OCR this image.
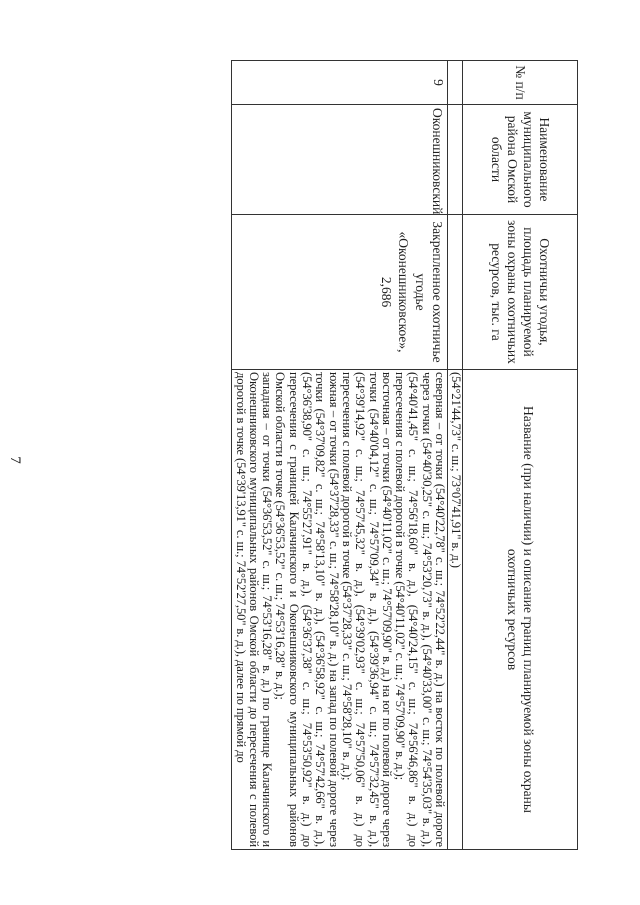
7
№ п/п	Наименование муниципального района Омской области	Охотничьи угодья, площадь планируемой зоны охраны охотничьих ресурсов, тыс. га	Название (при наличии) и описание границ планируемой зоны охраны охотничьих ресурсов
			(54°21'44,73" с. ш.; 73°07'41,91" в. д.)
9	Оконешниковский	Закрепленное охотничье угодье «Оконешниковское», 2,686	северная – от точки (54°40'22,78" с. ш.; 74°52'22,44" в. д.) на восток по полевой дороге через точки (54°40'30,25" с. ш.; 74°53'20,73" в. д.), (54°40'33,00" с. ш.; 74°54'35,03" в. д.), (54°40'41,45" с. ш.; 74°56'18,60" в. д.), (54°40'24,15" с. ш.; 74°56'46,86" в. д.) до пересечения с полевой дорогой в точке (54°40'11,02" с. ш.; 74°57'09,90" в. д.);

восточная – от точки (54°40'11,02" с. ш.; 74°57'09,90" в. д.) на юг по полевой дороге через точки (54°40'04,12" с. ш.; 74°57'09,34" в. д.), (54°39'36,94" с. ш.; 74°57'32,45" в. д.), (54°39'14,92" с. ш.; 74°57'45,32" в. д.), (54°39'02,93" с. ш.; 74°57'50,06" в. д.) до пересечения с полевой дорогой в точке (54°37'28,33" с. ш.; 74°58'28,10" в. д.);

южная – от точки (54°37'28,33" с. ш.; 74°58'28,10" в. д.) на запад по полевой дороге через точки (54°37'09,82" с. ш.; 74°58'13,10" в. д.), (54°36'58,92" с. ш.; 74°57'42,66" в. д.), (54°36'38,90" с. ш.; 74°55'27,91" в. д.), (54°36'37,38" с. ш.; 74°53'50,92" в. д.) до пересечения с границей Калачинского и Оконешниковского муниципальных районов Омской области в точке (54°36'53,52" с. ш.; 74°53'16,28" в. д.);

западная – от точки (54°36'53,52" с. ш.; 74°53'16,28" в. д.) по границе Калачинского и Оконешниковского муниципальных районов Омской области до пересечения с полевой дорогой в точке (54°39'13,91" с. ш.; 74°52'27,50" в. д.), далее по прямой до
